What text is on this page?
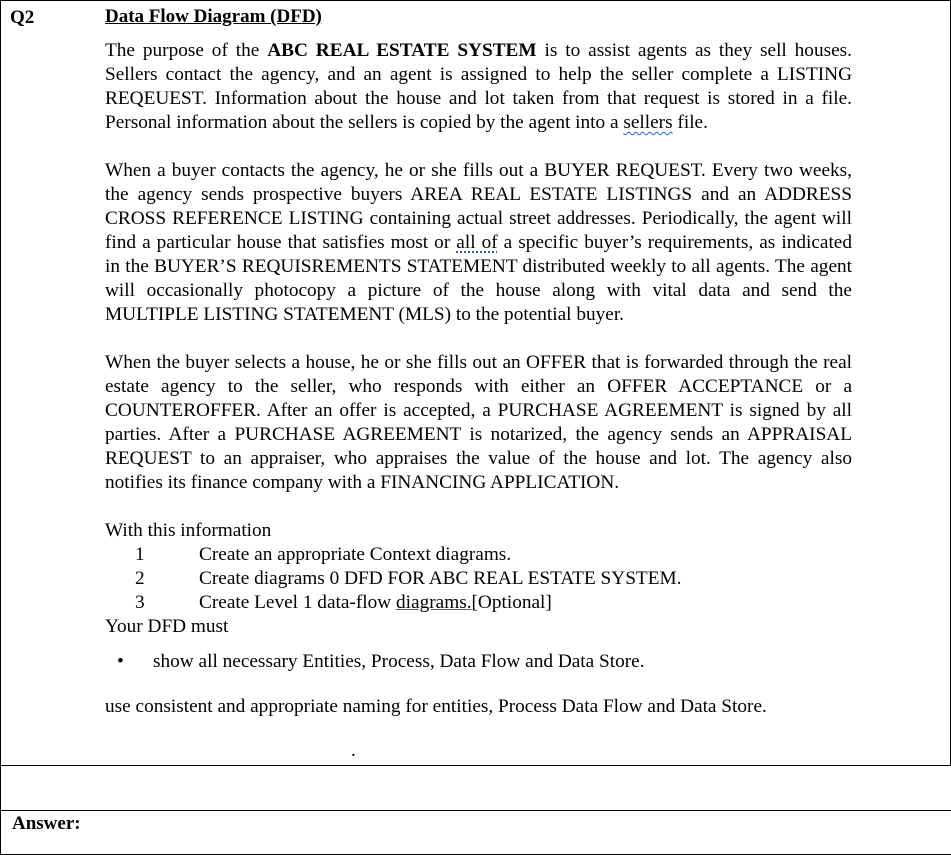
Q2	Data Flow Diagram (DFD)

The purpose of the ABC REAL ESTATE SYSTEM is to assist agents as they sell houses. Sellers contact the agency, and an agent is assigned to help the seller complete a LISTING REQEUEST. Information about the house and lot taken from that request is stored in a file. Personal information about the sellers is copied by the agent into a sellers file.

When a buyer contacts the agency, he or she fills out a BUYER REQUEST. Every two weeks, the agency sends prospective buyers AREA REAL ESTATE LISTINGS and an ADDRESS CROSS REFERENCE LISTING containing actual street addresses. Periodically, the agent will find a particular house that satisfies most or all of a specific buyer’s requirements, as indicated in the BUYER’S REQUISREMENTS STATEMENT distributed weekly to all agents. The agent will occasionally photocopy a picture of the house along with vital data and send the MULTIPLE LISTING STATEMENT (MLS) to the potential buyer.

When the buyer selects a house, he or she fills out an OFFER that is forwarded through the real estate agency to the seller, who responds with either an OFFER ACCEPTANCE or a COUNTEROFFER. After an offer is accepted, a PURCHASE AGREEMENT is signed by all parties. After a PURCHASE AGREEMENT is notarized, the agency sends an APPRAISAL REQUEST to an appraiser, who appraises the value of the house and lot. The agency also notifies its finance company with a FINANCING APPLICATION.

With this information
1	Create an appropriate Context diagrams.
2	Create diagrams 0 DFD FOR ABC REAL ESTATE SYSTEM.
3	Create Level 1 data-flow diagrams.[Optional]
Your DFD must
•	show all necessary Entities, Process, Data Flow and Data Store.
use consistent and appropriate naming for entities, Process Data Flow and Data Store.
.
Answer:
